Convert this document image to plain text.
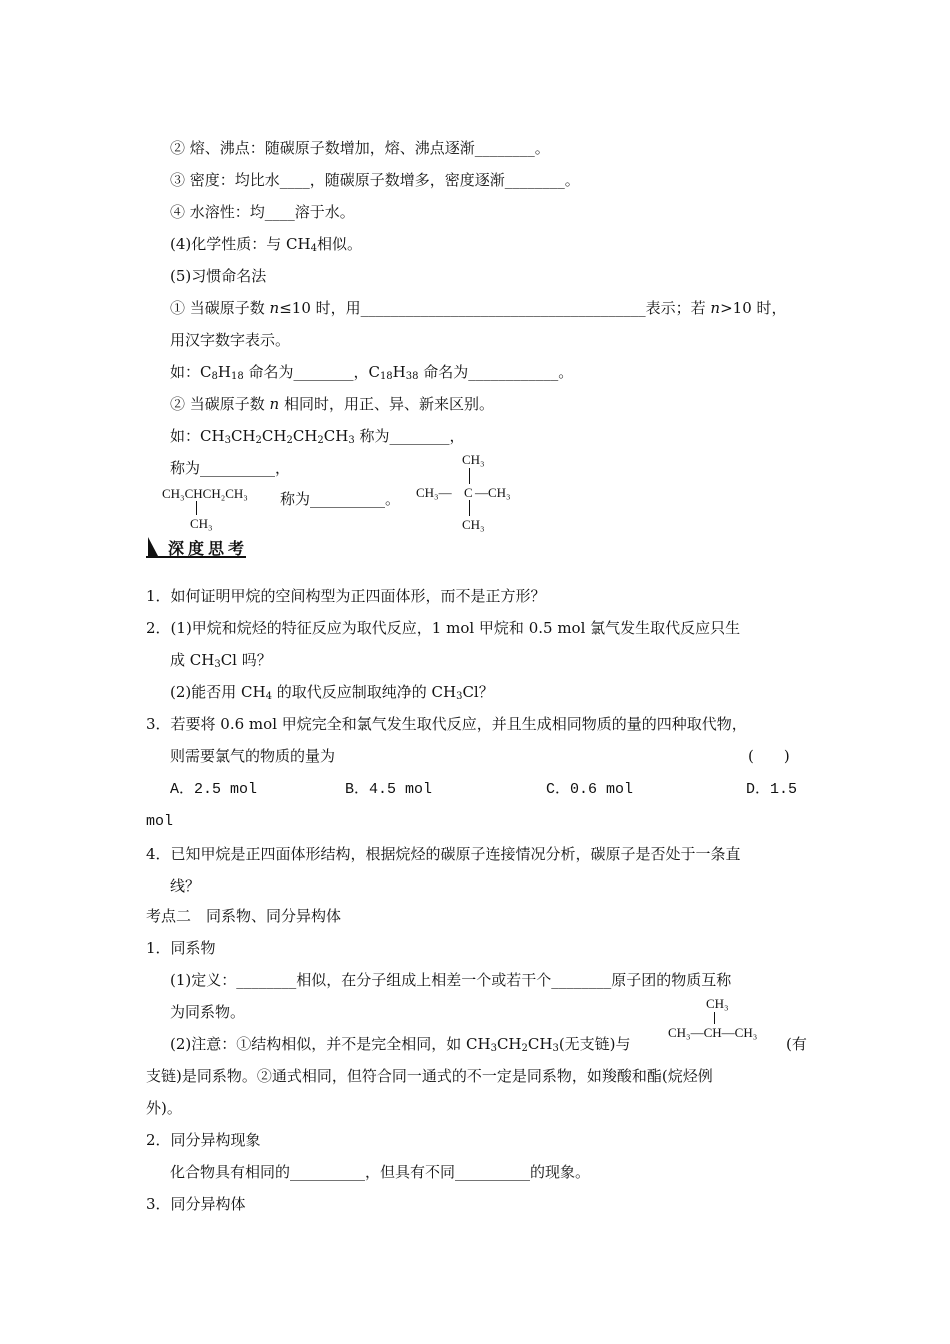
② 熔、沸点：随碳原子数增加，熔、沸点逐渐________。
③ 密度：均比水____，随碳原子数增多，密度逐渐________。
④ 水溶性：均____溶于水。
(4)化学性质：与 $CH_4$相似。
(5)习惯命名法
① 当碳原子数 n≤10 时，用______________________________________表示；若 n>10 时，
用汉字数字表示。
如：$C_8H_{18}$ 命名为________，$C_{18}H_{38}$ 命名为____________。
② 当碳原子数 n 相同时，用正、异、新来区别。
如：$CH_3CH_2CH_2CH_2CH_3$ 称为________，
称为__________，
CH₃CHCH₂CH₃
CH₃
称为__________。
CH₃
CH₃— C —CH₃
CH₃
深度思考
1．如何证明甲烷的空间构型为正四面体形，而不是正方形？
2．(1)甲烷和烷烃的特征反应为取代反应，1 mol 甲烷和 0.5 mol 氯气发生取代反应只生
成 $CH_3Cl$ 吗？
(2)能否用 $CH_4$ 的取代反应制取纯净的 $CH_3Cl$？
3．若要将 0.6 mol 甲烷完全和氯气发生取代反应，并且生成相同物质的量的四种取代物，
则需要氯气的物质的量为	(　　)
A．2.5 mol	B．4.5 mol	C．0.6 mol	D．1.5
mol
4．已知甲烷是正四面体形结构，根据烷烃的碳原子连接情况分析，碳原子是否处于一条直
线？
考点二　同系物、同分异构体
1．同系物
(1)定义：________相似，在分子组成上相差一个或若干个________原子团的物质互称
为同系物。	CH₃
CH₃—CH—CH₃
(2)注意：①结构相似，并不是完全相同，如 $CH_3CH_2CH_3$(无支链)与	(有
支链)是同系物。②通式相同，但符合同一通式的不一定是同系物，如羧酸和酯(烷烃例
外)。
2．同分异构现象
化合物具有相同的__________，但具有不同__________的现象。
3．同分异构体
